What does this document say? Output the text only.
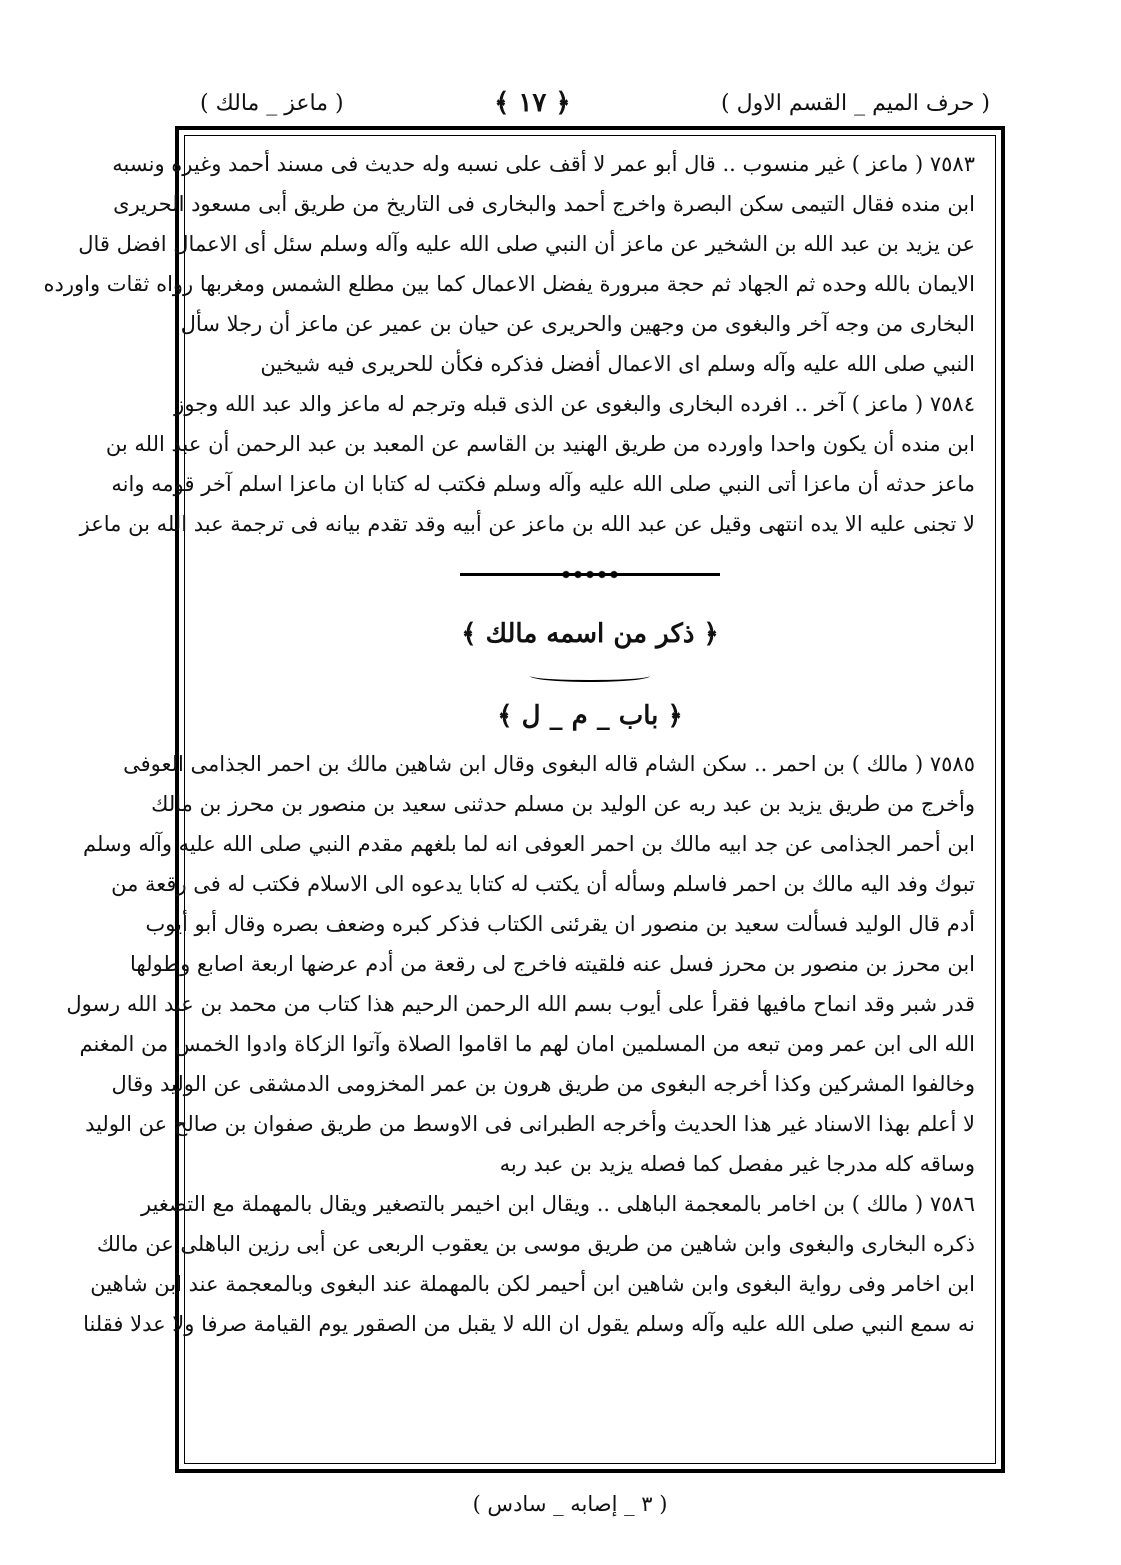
( حرف الميم _ القسم الاول )
﴿ ١٧ ﴾
( ماعز _ مالك )
٧٥٨٣ ( ماعز ) غير منسوب .. قال أبو عمر لا أقف على نسبه وله حديث فى مسند أحمد وغيره ونسبه
ابن منده فقال التيمى سكن البصرة واخرج أحمد والبخارى فى التاريخ من طريق أبى مسعود الحريرى
عن يزيد بن عبد الله بن الشخير عن ماعز أن النبي صلى الله عليه وآله وسلم سئل أى الاعمال افضل قال
الايمان بالله وحده ثم الجهاد ثم حجة مبرورة يفضل الاعمال كما بين مطلع الشمس ومغربها رواه ثقات واورده
البخارى من وجه آخر والبغوى من وجهين والحريرى عن حيان بن عمير عن ماعز أن رجلا سأل
النبي صلى الله عليه وآله وسلم اى الاعمال أفضل فذكره فكأن للحريرى فيه شيخين
٧٥٨٤ ( ماعز ) آخر .. افرده البخارى والبغوى عن الذى قبله وترجم له ماعز والد عبد الله وجوز
ابن منده أن يكون واحدا واورده من طريق الهنيد بن القاسم عن المعبد بن عبد الرحمن أن عبد الله بن
ماعز حدثه أن ماعزا أتى النبي صلى الله عليه وآله وسلم فكتب له كتابا ان ماعزا اسلم آخر قومه وانه
لا تجنى عليه الا يده انتهى وقيل عن عبد الله بن ماعز عن أبيه وقد تقدم بيانه فى ترجمة عبد الله بن ماعز
﴿ ذكر من اسمه مالك ﴾
﴿ باب _ م _ ل ﴾
٧٥٨٥ ( مالك ) بن احمر .. سكن الشام قاله البغوى وقال ابن شاهين مالك بن احمر الجذامى العوفى
وأخرج من طريق يزيد بن عبد ربه عن الوليد بن مسلم حدثنى سعيد بن منصور بن محرز بن مالك
ابن أحمر الجذامى عن جد ابيه مالك بن احمر العوفى انه لما بلغهم مقدم النبي صلى الله عليه وآله وسلم
تبوك وفد اليه مالك بن احمر فاسلم وسأله أن يكتب له كتابا يدعوه الى الاسلام فكتب له فى رقعة من
أدم قال الوليد فسألت سعيد بن منصور ان يقرئنى الكتاب فذكر كبره وضعف بصره وقال أبو أيوب
ابن محرز بن منصور بن محرز فسل عنه فلقيته فاخرج لى رقعة من أدم عرضها اربعة اصابع وطولها
قدر شبر وقد انماح مافيها فقرأ على أيوب بسم الله الرحمن الرحيم هذا كتاب من محمد بن عبد الله رسول
الله الى ابن عمر ومن تبعه من المسلمين امان لهم ما اقاموا الصلاة وآتوا الزكاة وادوا الخمس من المغنم
وخالفوا المشركين وكذا أخرجه البغوى من طريق هرون بن عمر المخزومى الدمشقى عن الوليد وقال
لا أعلم بهذا الاسناد غير هذا الحديث وأخرجه الطبرانى فى الاوسط من طريق صفوان بن صالح عن الوليد
وساقه كله مدرجا غير مفصل كما فصله يزيد بن عبد ربه
٧٥٨٦ ( مالك ) بن اخامر بالمعجمة الباهلى .. ويقال ابن اخيمر بالتصغير ويقال بالمهملة مع التصغير
ذكره البخارى والبغوى وابن شاهين من طريق موسى بن يعقوب الربعى عن أبى رزين الباهلى عن مالك
ابن اخامر وفى رواية البغوى وابن شاهين ابن أحيمر لكن بالمهملة عند البغوى وبالمعجمة عند ابن شاهين
نه سمع النبي صلى الله عليه وآله وسلم يقول ان الله لا يقبل من الصقور يوم القيامة صرفا ولا عدلا فقلنا
( ٣ _ إصابه _ سادس )
